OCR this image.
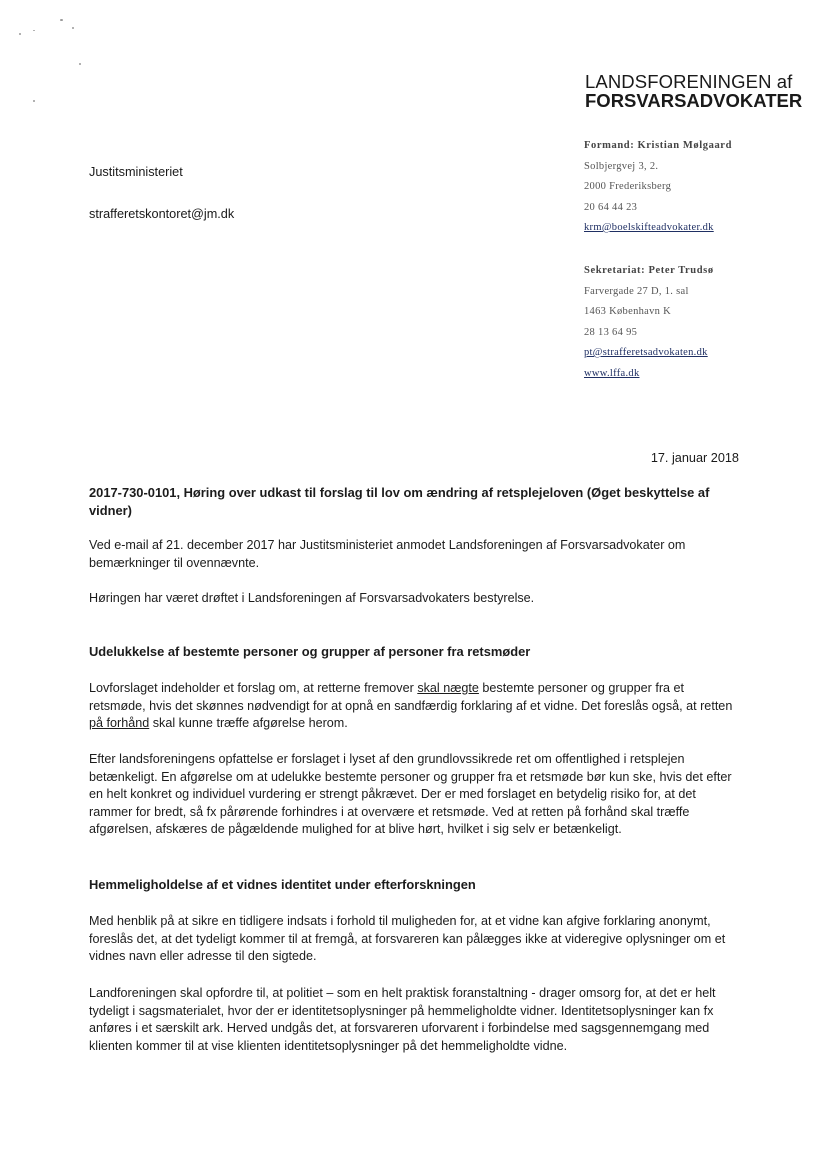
LANDSFORENINGEN af
FORSVARSADVOKATER
Formand: Kristian Mølgaard
Solbjergvej 3, 2.
2000 Frederiksberg
20 64 44 23
krm@boelskifteadvokater.dk
Sekretariat: Peter Trudsø
Farvergade 27 D, 1. sal
1463 København K
28 13 64 95
pt@strafferetsadvokaten.dk
www.lffa.dk
Justitsministeriet
strafferetskontoret@jm.dk
17. januar 2018

2017-730-0101, Høring over udkast til forslag til lov om ændring af retsplejeloven (Øget beskyttelse af vidner)

Ved e-mail af 21. december 2017 har Justitsministeriet anmodet Landsforeningen af Forsvarsadvokater om bemærkninger til ovennævnte.

Høringen har været drøftet i Landsforeningen af Forsvarsadvokaters bestyrelse.

Udelukkelse af bestemte personer og grupper af personer fra retsmøder

Lovforslaget indeholder et forslag om, at retterne fremover skal nægte bestemte personer og grupper fra et retsmøde, hvis det skønnes nødvendigt for at opnå en sandfærdig forklaring af et vidne. Det foreslås også, at retten på forhånd skal kunne træffe afgørelse herom.

Efter landsforeningens opfattelse er forslaget i lyset af den grundlovssikrede ret om offentlighed i retsplejen betænkeligt. En afgørelse om at udelukke bestemte personer og grupper fra et retsmøde bør kun ske, hvis det efter en helt konkret og individuel vurdering er strengt påkrævet. Der er med forslaget en betydelig risiko for, at det rammer for bredt, så fx pårørende forhindres i at overvære et retsmøde. Ved at retten på forhånd skal træffe afgørelsen, afskæres de pågældende mulighed for at blive hørt, hvilket i sig selv er betænkeligt.

Hemmeligholdelse af et vidnes identitet under efterforskningen

Med henblik på at sikre en tidligere indsats i forhold til muligheden for, at et vidne kan afgive forklaring anonymt, foreslås det, at det tydeligt kommer til at fremgå, at forsvareren kan pålægges ikke at videregive oplysninger om et vidnes navn eller adresse til den sigtede.

Landforeningen skal opfordre til, at politiet – som en helt praktisk foranstaltning - drager omsorg for, at det er helt tydeligt i sagsmaterialet, hvor der er identitetsoplysninger på hemmeligholdte vidner. Identitetsoplysninger kan fx anføres i et særskilt ark. Herved undgås det, at forsvareren uforvarent i forbindelse med sagsgennemgang med klienten kommer til at vise klienten identitetsoplysninger på det hemmeligholdte vidne.
